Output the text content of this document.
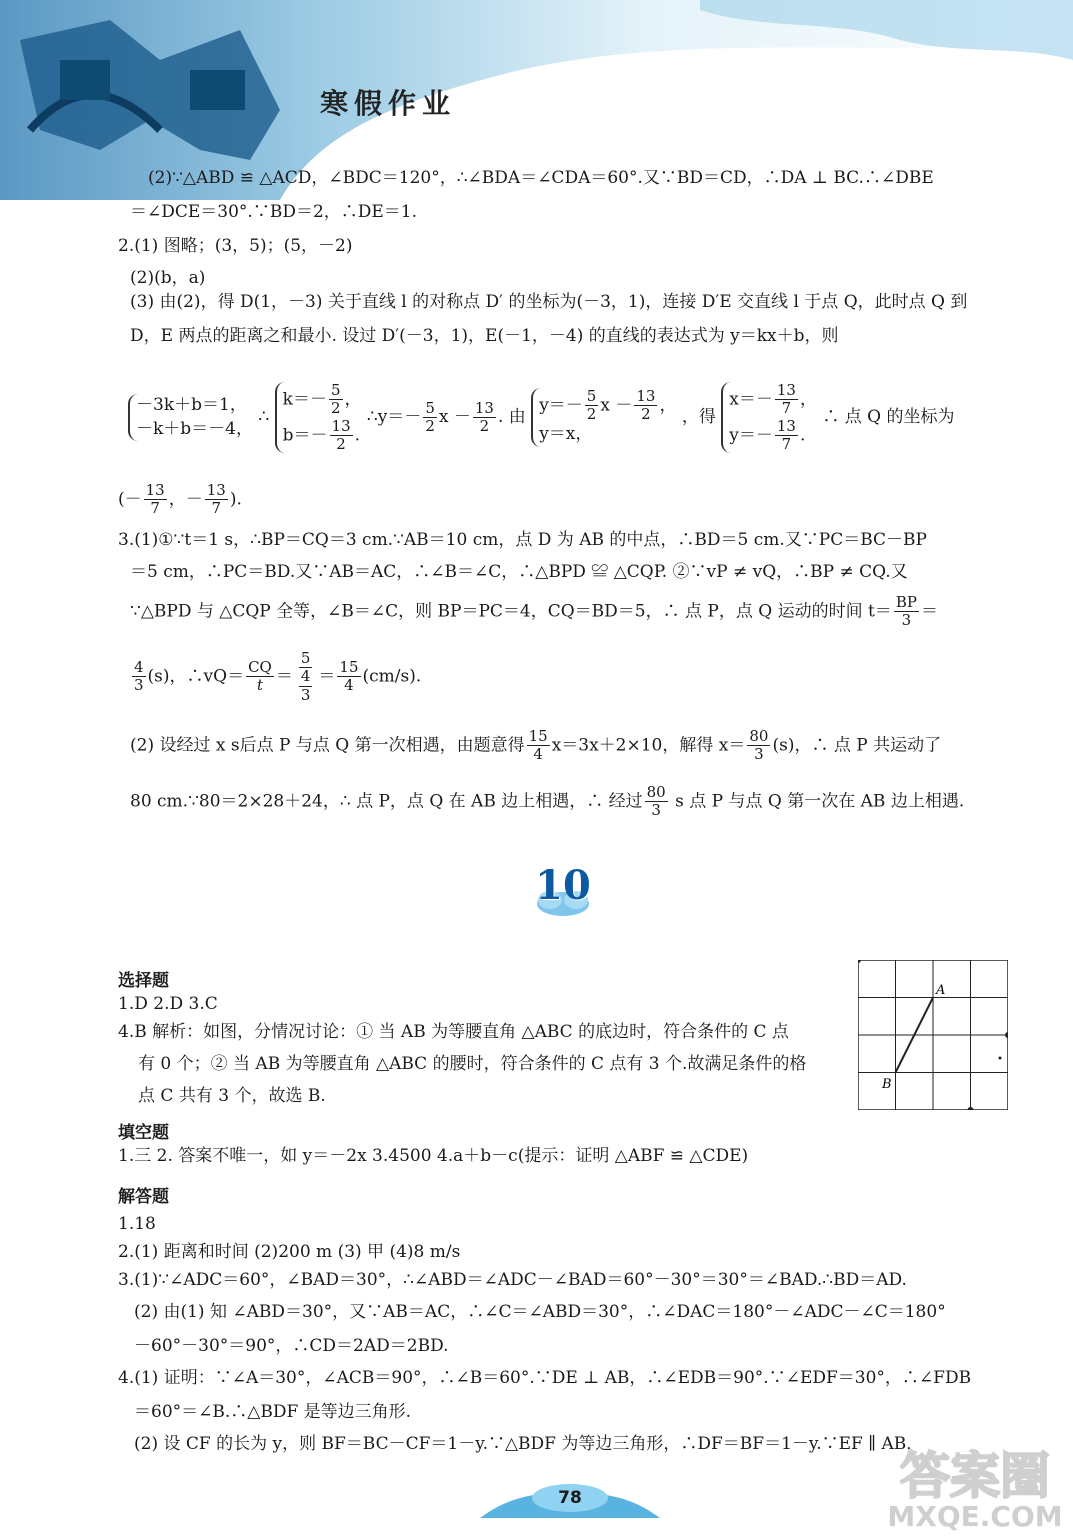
寒假作业
(2)∵△ABD ≌ △ACD，∠BDC＝120°，∴∠BDA＝∠CDA＝60°.又∵BD＝CD，∴DA ⊥ BC.∴∠DBE
＝∠DCE＝30°.∵BD＝2，∴DE＝1.
2.(1) 图略；(3，5)；(5，－2)
(2)(b，a)
(3) 由(2)，得 D(1，－3) 关于直线 l 的对称点 D′ 的坐标为(－3，1)，连接 D′E 交直线 l 于点 Q，此时点 Q 到
D，E 两点的距离之和最小. 设过 D′(－3，1)，E(－1，－4) 的直线的表达式为 y＝kx＋b，则
－3k＋b＝1，
－k＋b＝－4，
∴
$k=- \frac{5}{2}$ ，
$b=- \frac{13}{2}$ .
∴y＝－ $\frac{5}{2}$ $x - \frac{13}{2}$ . 由
$y=- \frac{5}{2}$ $x - \frac{13}{2}$ ，
y＝x，
，得
$x=- \frac{13}{7}$ ，
$y=- \frac{13}{7}$ .
∴ 点 Q 的坐标为
(－ $\frac{13}{7}$ ，－ $\frac{13}{7}$ ).
3.(1)①∵t＝1 s，∴BP＝CQ＝3 cm.∵AB＝10 cm，点 D 为 AB 的中点，∴BD＝5 cm.又∵PC＝BC－BP
＝5 cm，∴PC＝BD.又∵AB＝AC，∴∠B＝∠C，∴△BPD ≌ △CQP. ②∵vP ≠ vQ，∴BP ≠ CQ.又
∵△BPD 与 △CQP 全等，∠B＝∠C，则 BP＝PC＝4，CQ＝BD＝5，∴ 点 P，点 Q 运动的时间 $t= \frac{BP}{3}$ ＝
$\frac{4}{3} (s)$，∴vQ＝ $\frac{CQ}{t} = \frac{5}{\frac{4}{3}} = \frac{15}{4} (cm/s)$.
(2) 设经过 x s后点 P 与点 Q 第一次相遇，由题意得 $\frac{15}{4} x=3x+2\times 10$，解得 $x= \frac{80}{3} (s)$，∴ 点 P 共运动了
80 cm.∵80＝2×28＋24，∴ 点 P，点 Q 在 AB 边上相遇，∴ 经过 $\frac{80}{3}$ s 点 P 与点 Q 第一次在 AB 边上相遇.
10
选择题
1.D 2.D 3.C
4.B 解析：如图，分情况讨论：① 当 AB 为等腰直角 △ABC 的底边时，符合条件的 C 点
有 0 个；② 当 AB 为等腰直角 △ABC 的腰时，符合条件的 C 点有 3 个.故满足条件的格
点 C 共有 3 个，故选 B.
A
B
填空题
1.三 2. 答案不唯一，如 y＝－2x 3.4500 4.a＋b－c(提示：证明 △ABF ≌ △CDE)
解答题
1.18
2.(1) 距离和时间 (2)200 m (3) 甲 (4)8 m/s
3.(1)∵∠ADC＝60°，∠BAD＝30°，∴∠ABD＝∠ADC－∠BAD＝60°－30°＝30°＝∠BAD.∴BD＝AD.
(2) 由(1) 知 ∠ABD＝30°，又∵AB＝AC，∴∠C＝∠ABD＝30°，∴∠DAC＝180°－∠ADC－∠C＝180°
－60°－30°＝90°，∴CD＝2AD＝2BD.
4.(1) 证明：∵∠A＝30°，∠ACB＝90°，∴∠B＝60°.∵DE ⊥ AB，∴∠EDB＝90°.∵∠EDF＝30°，∴∠FDB
＝60°＝∠B.∴△BDF 是等边三角形.
(2) 设 CF 的长为 y，则 BF＝BC－CF＝1－y.∵△BDF 为等边三角形，∴DF＝BF＝1－y.∵EF ∥ AB，
78	答案圈
MXQE.COM
